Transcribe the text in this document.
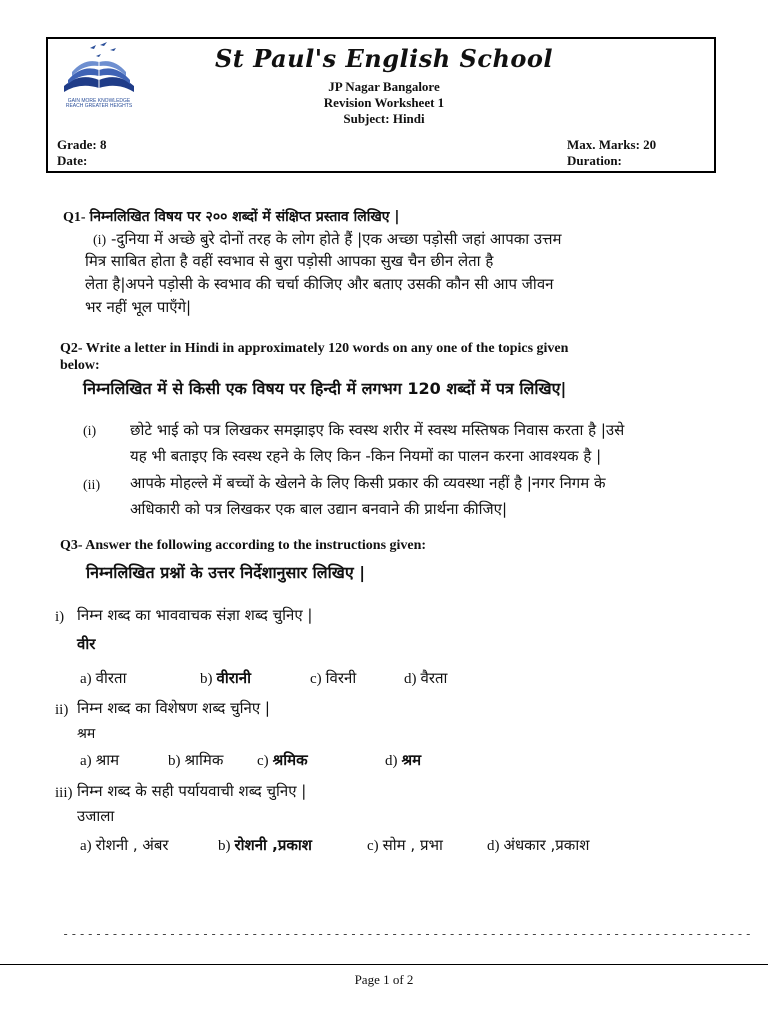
GAIN MORE KNOWLEDGE
REACH GREATER HEIGHTS
St Paul's English School
JP Nagar Bangalore
Revision Worksheet 1
Subject: Hindi
Grade: 8
Date:
Max. Marks: 20
Duration:
Q1- निम्नलिखित विषय पर २०० शब्दों में संक्षिप्त प्रस्ताव लिखिए |
(i) -दुनिया में अच्छे बुरे दोनों तरह के लोग होते हैं |एक अच्छा पड़ोसी जहां आपका उत्तम
मित्र साबित होता है वहीं स्वभाव से बुरा पड़ोसी आपका सुख चैन छीन लेता है
लेता है|अपने पड़ोसी के स्वभाव की चर्चा कीजिए और बताए उसकी कौन सी आप जीवन
भर नहीं भूल पाएँगे|
Q2- Write a letter in Hindi in approximately 120 words on any one of the topics given
below:
निम्नलिखित में से किसी एक विषय पर हिन्दी में लगभग 120 शब्दों में पत्र लिखिए|
(i) छोटे भाई को पत्र लिखकर समझाइए कि स्वस्थ शरीर में स्वस्थ मस्तिषक निवास करता है |उसे
यह भी बताइए कि स्वस्थ रहने के लिए किन -किन नियमों का पालन करना आवश्यक है |
(ii) आपके मोहल्ले में बच्चों के खेलने के लिए किसी प्रकार की व्यवस्था नहीं है |नगर निगम के
अधिकारी को पत्र लिखकर एक बाल उद्यान बनवाने की प्रार्थना कीजिए|
Q3- Answer the following according to the instructions given:
निम्नलिखित प्रश्नों के उत्तर निर्देशानुसार लिखिए |
i) निम्न शब्द का भाववाचक संज्ञा शब्द चुनिए |
वीर
a) वीरता	b) वीरानी	c) विरनी	d) वैरता
ii) निम्न शब्द का विशेषण शब्द चुनिए |
श्रम
a) श्राम	b) श्रामिक c) श्रमिक	d) श्रम
iii) निम्न शब्द के सही पर्यायवाची शब्द चुनिए |
उजाला
a) रोशनी , अंबर	b) रोशनी ,प्रकाश	c) सोम , प्रभा	d) अंधकार ,प्रकाश
------------------------------------------------------------------------------------
Page 1 of 2
